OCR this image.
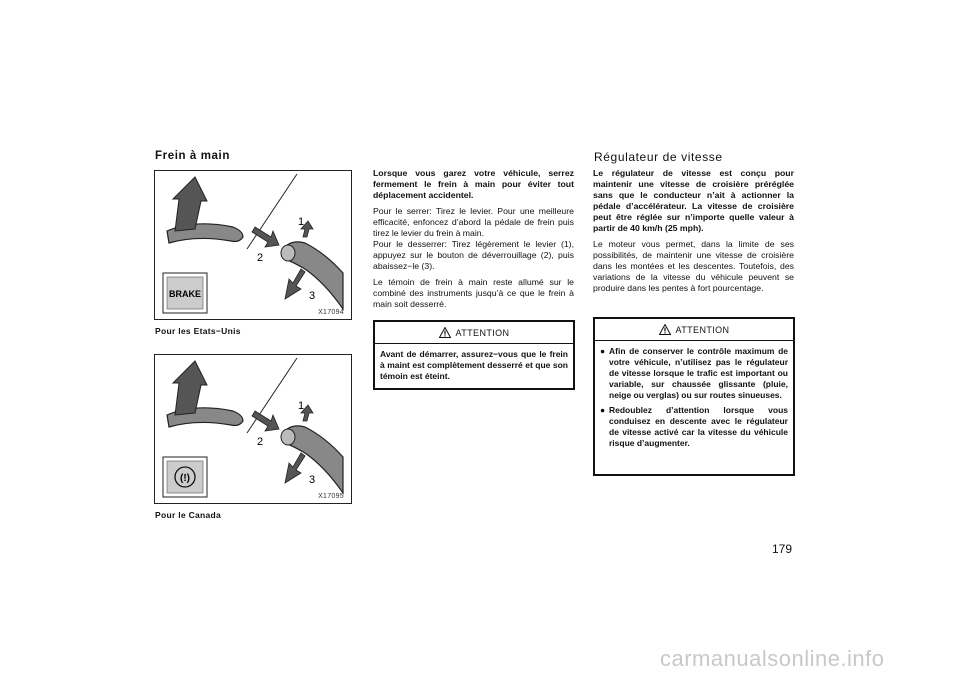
Frein à main
1
2
3
BRAKE
X17094
Pour les Etats−Unis
1
2
3
(!)
X17095
Pour le Canada

Lorsque vous garez votre véhicule, serrez fermement le frein à main pour éviter tout déplacement accidentel.

Pour le serrer: Tirez le levier. Pour une meilleure efficacité, enfoncez d’abord la pédale de frein puis tirez le levier du frein à main.

Pour le desserrer: Tirez légèrement le levier (1), appuyez sur le bouton de déverrouillage (2), puis abaissez−le (3).

Le témoin de frein à main reste allumé sur le combiné des instruments jusqu’à ce que le frein à main soit desserré.

ATTENTION
Avant de démarrer, assurez−vous que le frein à maint est complètement desserré et que son témoin est éteint.
Régulateur de vitesse

Le régulateur de vitesse est conçu pour maintenir une vitesse de croisière préréglée sans que le conducteur n’ait à actionner la pédale d’accélérateur. La vitesse de croisière peut être réglée sur n’importe quelle valeur à partir de 40 km/h (25 mph).

Le moteur vous permet, dans la limite de ses possibilités, de maintenir une vitesse de croisière dans les montées et les descentes. Toutefois, des variations de la vitesse du véhicule peuvent se produire dans les pentes à fort pourcentage.

ATTENTION
● Afin de conserver le contrôle maximum de votre véhicule, n’utilisez pas le régulateur de vitesse lorsque le trafic est important ou variable, sur chaussée glissante (pluie, neige ou verglas) ou sur routes sinueuses.
● Redoublez d’attention lorsque vous conduisez en descente avec le régulateur de vitesse activé car la vitesse du véhicule risque d’augmenter.
179
carmanualsonline.info
